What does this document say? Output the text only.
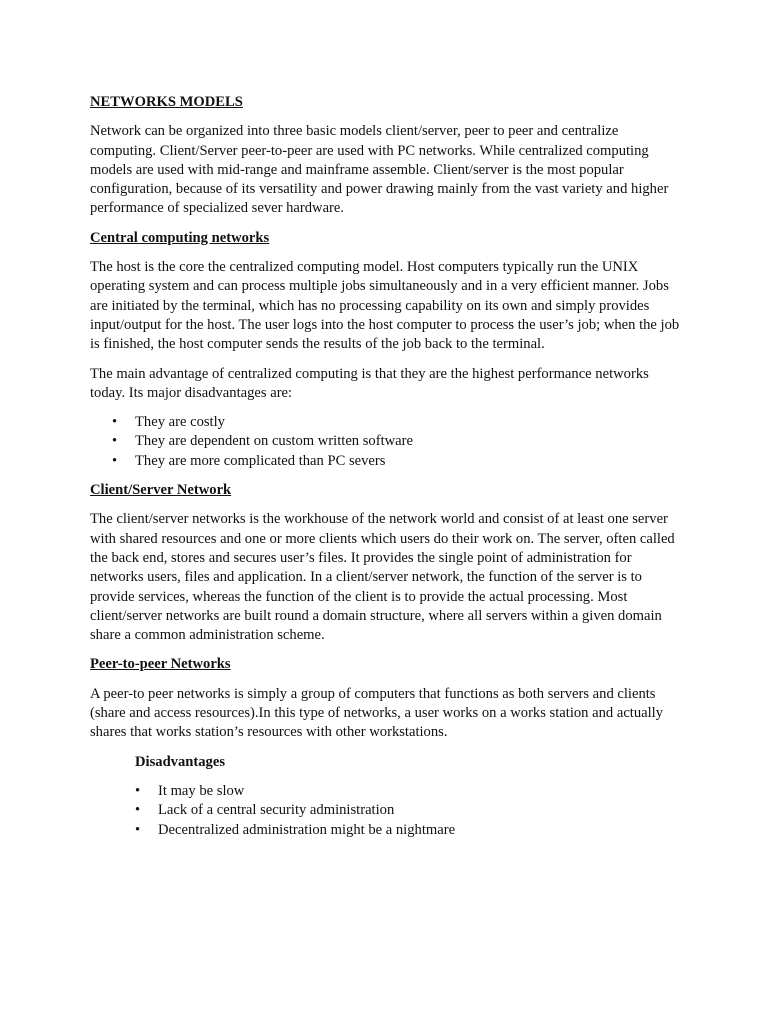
NETWORKS MODELS

Network can be organized into three basic models client/server, peer to peer and centralize computing. Client/Server peer-to-peer are used with PC networks. While centralized computing models are used with mid-range and mainframe assemble. Client/server is the most popular configuration, because of its versatility and power drawing mainly from the vast variety and higher performance of specialized sever hardware.

Central computing networks

The host is the core the centralized computing model. Host computers typically run the UNIX operating system and can process multiple jobs simultaneously and in a very efficient manner. Jobs are initiated by the terminal, which has no processing capability on its own and simply provides input/output for the host. The user logs into the host computer to process the user’s job; when the job is finished, the host computer sends the results of the job back to the terminal.

The main advantage of centralized computing is that they are the highest performance networks today. Its major disadvantages are:

• They are costly
• They are dependent on custom written software
• They are more complicated than PC severs
Client/Server Network

The client/server networks is the workhouse of the network world and consist of at least one server with shared resources and one or more clients which users do their work on. The server, often called the back end, stores and secures user’s files. It provides the single point of administration for networks users, files and application. In a client/server network, the function of the server is to provide services, whereas the function of the client is to provide the actual processing. Most client/server networks are built round a domain structure, where all servers within a given domain share a common administration scheme.

Peer-to-peer Networks

A peer-to peer networks is simply a group of computers that functions as both servers and clients (share and access resources).In this type of networks, a user works on a works station and actually shares that works station’s resources with other workstations.

Disadvantages
• It may be slow
• Lack of a central security administration
• Decentralized administration might be a nightmare
